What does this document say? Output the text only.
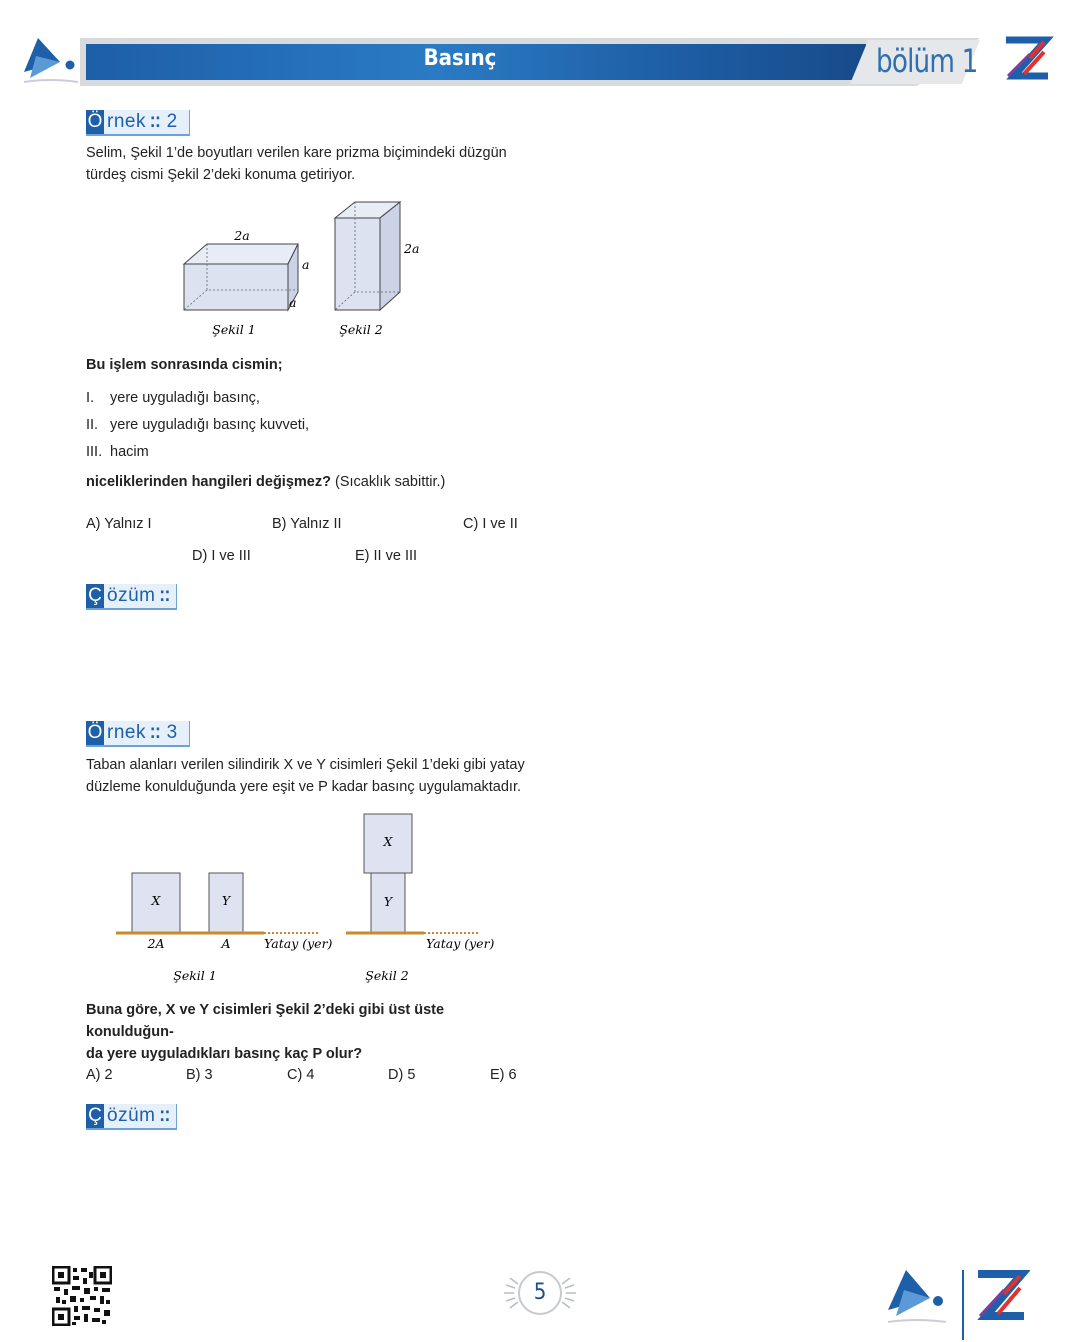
Basınç	bölüm 1
Ö rnek ⁚⁚ 2
Selim, Şekil 1’de boyutları verilen kare prizma biçimindeki düzgün
türdeş cismi Şekil 2’deki konuma getiriyor.
2a
a
a
Şekil 1
2a
Şekil 2
Bu işlem sonrasında cismin;
I. yere uyguladığı basınç,
II. yere uyguladığı basınç kuvveti,
III. hacim
niceliklerinden hangileri değişmez? (Sıcaklık sabittir.)
A) Yalnız I	B) Yalnız II	C) I ve II
D) I ve III	E) II ve III
Ç özüm ⁚⁚
Ö rnek ⁚⁚ 3
Taban alanları verilen silindirik X ve Y cisimleri Şekil 1’deki gibi yatay
düzleme konulduğunda yere eşit ve P kadar basınç uygulamaktadır.
X	Y
2A	A	Yatay (yer)
Şekil 1
X
Y
Yatay (yer)
Şekil 2
Buna göre, X ve Y cisimleri Şekil 2’deki gibi üst üste konulduğun-
da yere uyguladıkları basınç kaç P olur?
A) 2	B) 3	C) 4	D) 5	E) 6
Ç özüm ⁚⁚
5
